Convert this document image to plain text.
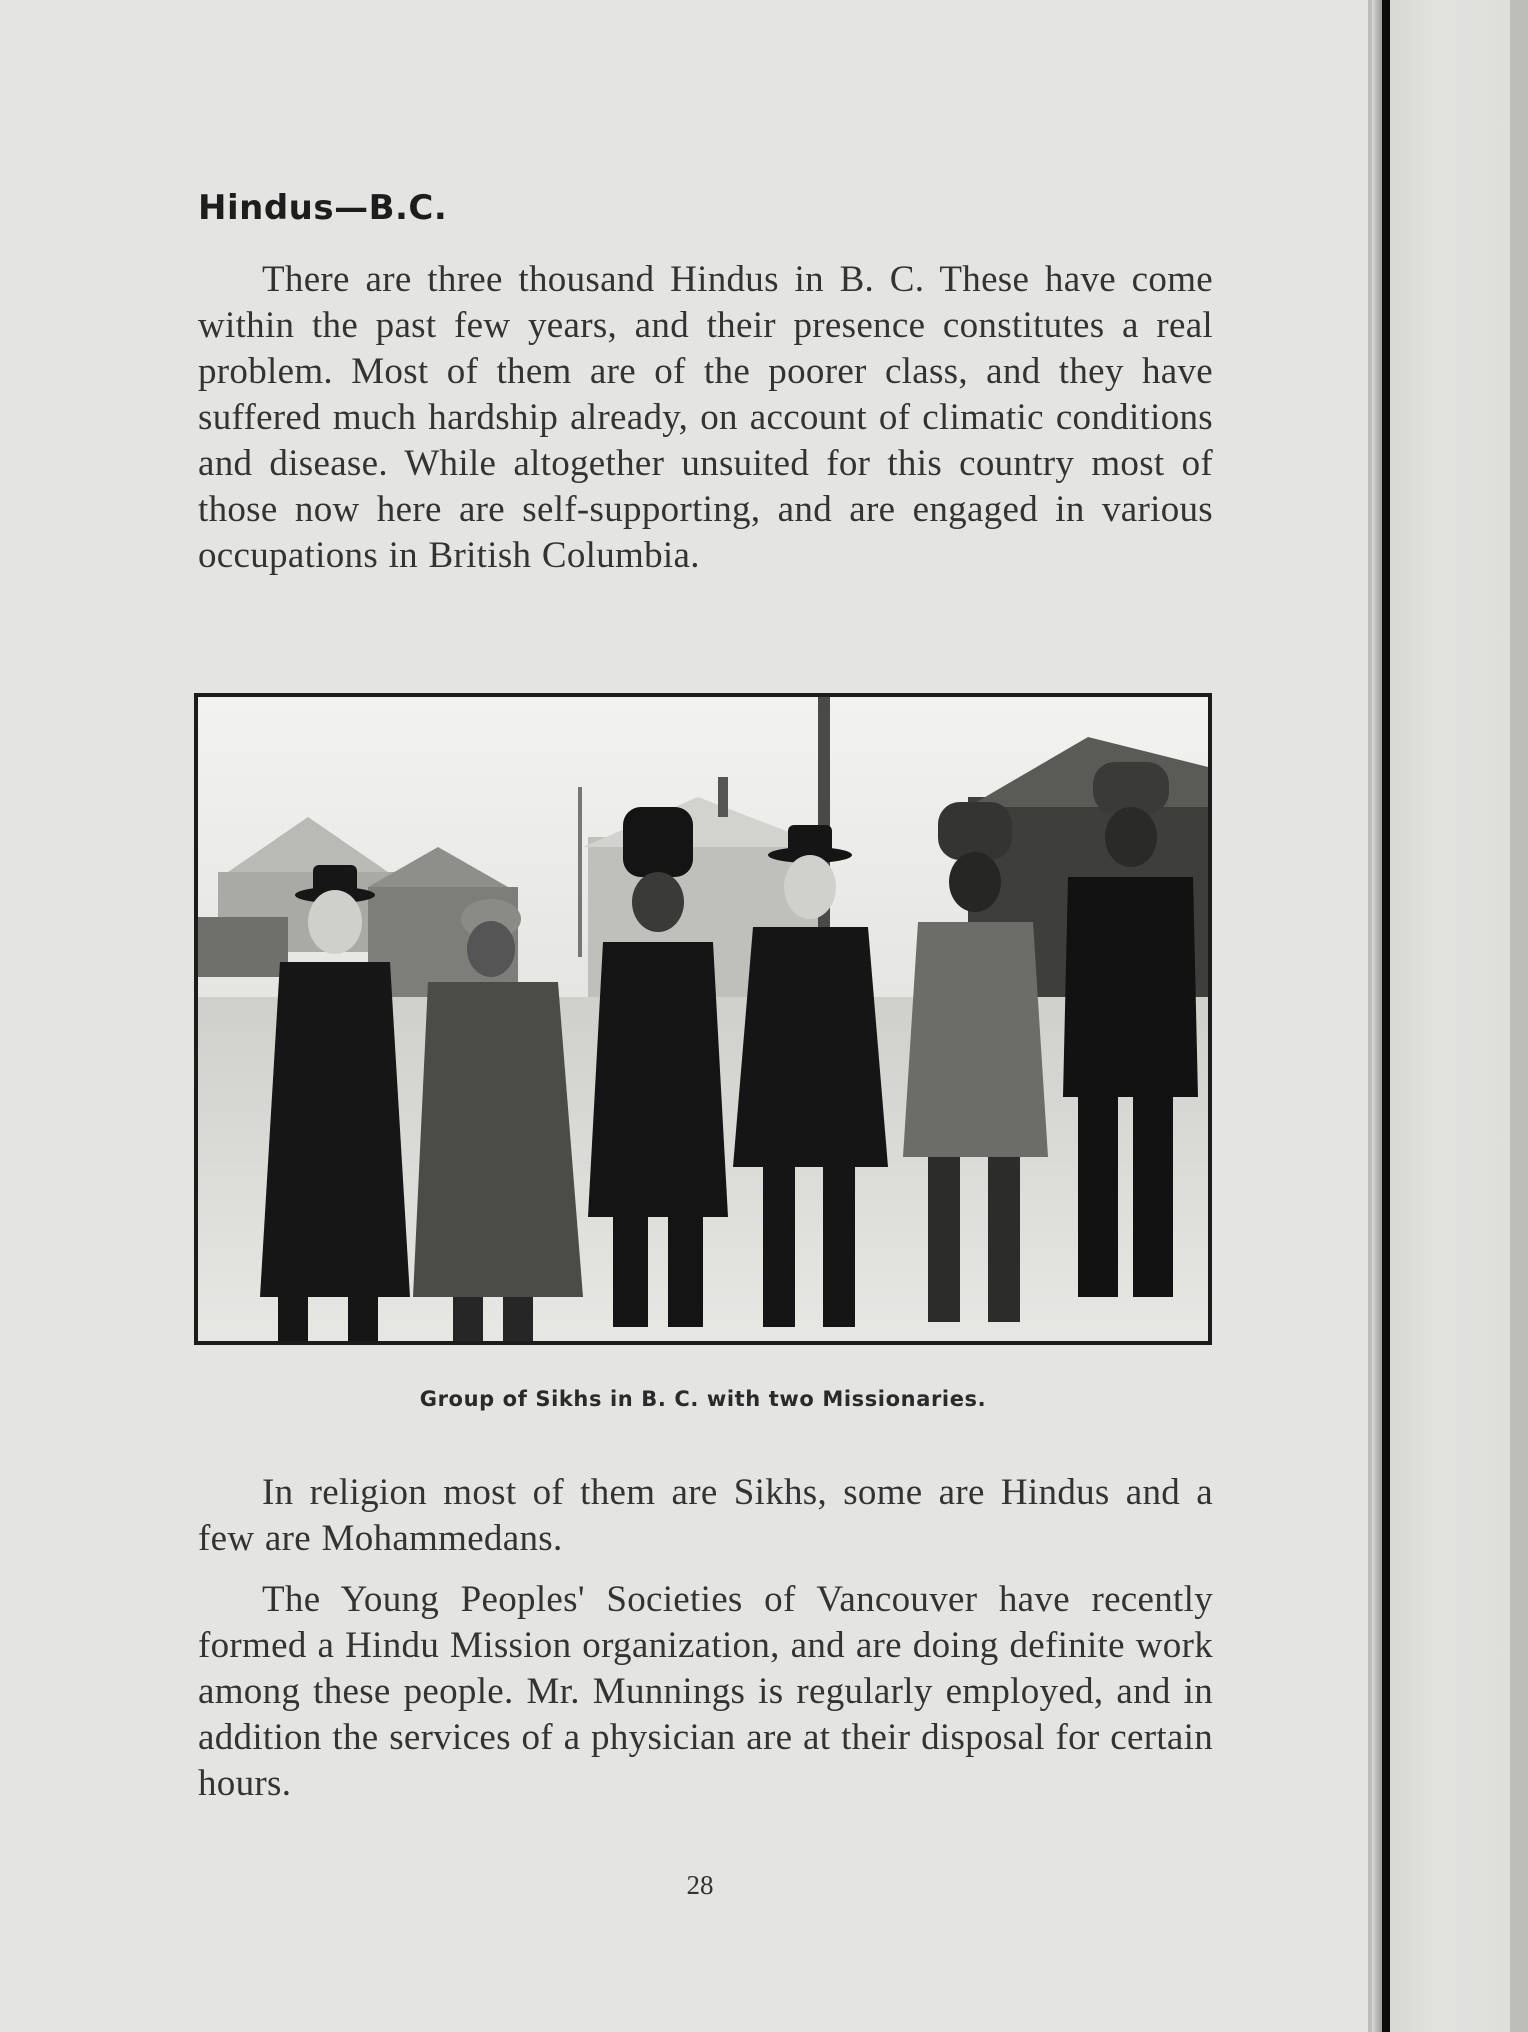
Hindus—B.C.

There are three thousand Hindus in B. C. These have come within the past few years, and their presence constitutes a real problem. Most of them are of the poorer class, and they have suffered much hardship already, on account of climatic conditions and disease. While altogether unsuited for this country most of those now here are self-supporting, and are engaged in various occupations in British Columbia.

Group of Sikhs in B. C. with two Missionaries.

In religion most of them are Sikhs, some are Hindus and a few are Mohammedans.

The Young Peoples' Societies of Vancouver have recently formed a Hindu Mission organization, and are doing definite work among these people. Mr. Munnings is regularly employed, and in addition the services of a physician are at their disposal for certain hours.

28
